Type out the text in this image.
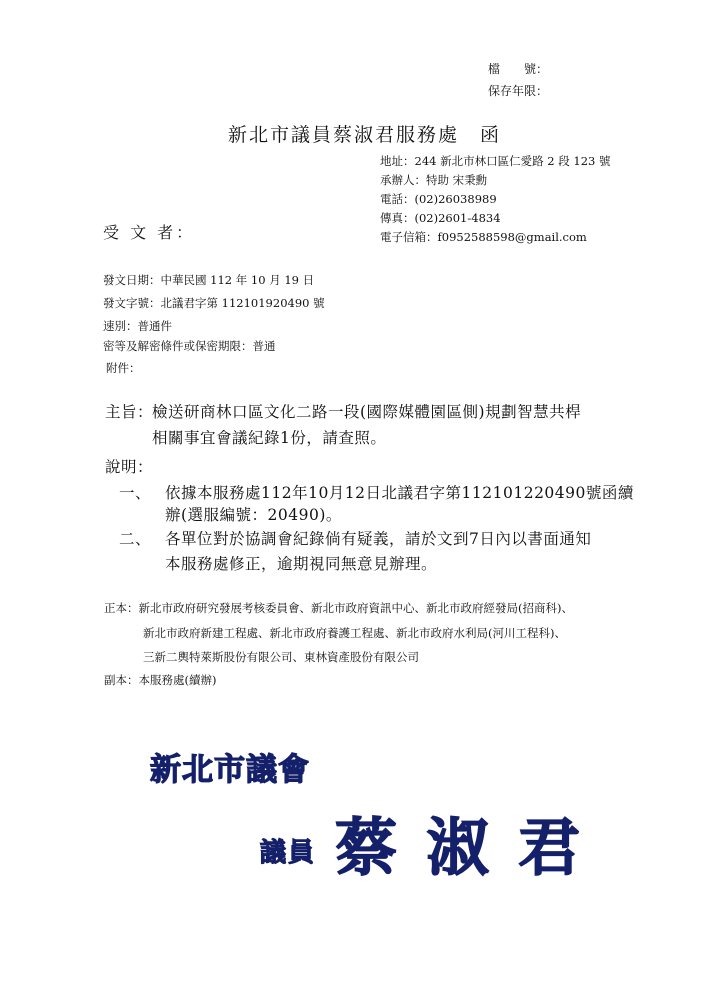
檔　　號：
保存年限：
新北市議員蔡淑君服務處　函
地址：244 新北市林口區仁愛路 2 段 123 號
承辦人：特助 宋秉勳
電話：(02)26038989
傳真：(02)2601-4834
電子信箱：f0952588598@gmail.com
受 文 者：
發文日期：中華民國 112 年 10 月 19 日
發文字號：北議君字第 112101920490 號
速別：普通件
密等及解密條件或保密期限：普通
附件：
主旨：
檢送研商林口區文化二路一段(國際媒體園區側)規劃智慧共桿
相關事宜會議紀錄1份，請查照。
說明：
一、 依據本服務處112年10月12日北議君字第112101220490號函續
辦(選服編號：20490)。
二、 各單位對於協調會紀錄倘有疑義，請於文到7日內以書面通知
本服務處修正，逾期視同無意見辦理。
正本：新北市政府研究發展考核委員會、新北市政府資訊中心、新北市政府經發局(招商科)、
新北市政府新建工程處、新北市政府養護工程處、新北市政府水利局(河川工程科)、
三新二輿特萊斯股份有限公司、東林資產股份有限公司
副本：本服務處(續辦)
新北市議會
議員 蔡 淑 君
